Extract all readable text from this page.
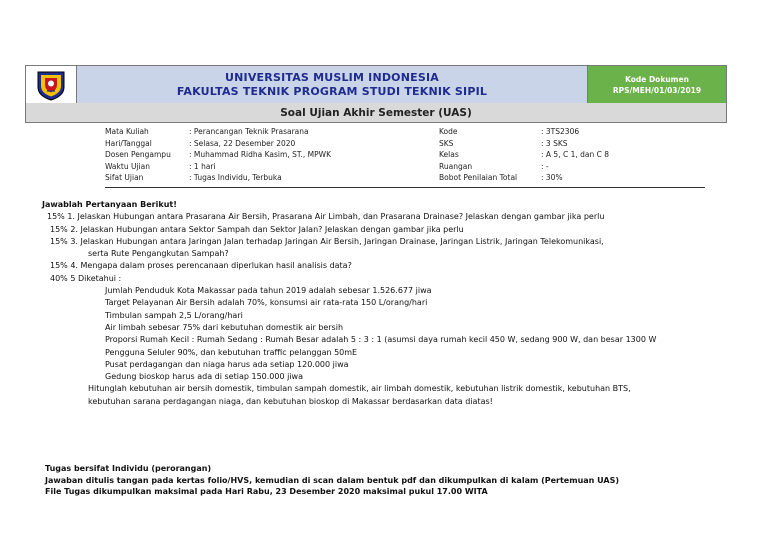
UNIVERSITAS MUSLIM INDONESIA
FAKULTAS TEKNIK PROGRAM STUDI TEKNIK SIPIL
Kode Dokumen
RPS/MEH/01/03/2019
Soal Ujian Akhir Semester (UAS)
Mata Kuliah	: Perancangan Teknik Prasarana	Kode	: 3TS2306
Hari/Tanggal	: Selasa, 22 Desember 2020	SKS	: 3 SKS
Dosen Pengampu	: Muhammad Ridha Kasim, ST., MPWK	Kelas	: A 5, C 1, dan C 8
Waktu Ujian	: 1 hari	Ruangan	: -
Sifat Ujian	: Tugas Individu, Terbuka	Bobot Penilaian Total	: 30%
Jawablah Pertanyaan Berikut!
15% 1. Jelaskan Hubungan antara Prasarana Air Bersih, Prasarana Air Limbah, dan Prasarana Drainase? Jelaskan dengan gambar jika perlu
15% 2. Jelaskan Hubungan antara Sektor Sampah dan Sektor Jalan? Jelaskan dengan gambar jika perlu
15% 3. Jelaskan Hubungan antara Jaringan Jalan terhadap Jaringan Air Bersih, Jaringan Drainase, Jaringan Listrik, Jaringan Telekomunikasi,
serta Rute Pengangkutan Sampah?
15% 4. Mengapa dalam proses perencanaan diperlukan hasil analisis data?
40% 5 Diketahui :
Jumlah Penduduk Kota Makassar pada tahun 2019 adalah sebesar 1.526.677 jiwa
Target Pelayanan Air Bersih adalah 70%, konsumsi air rata-rata 150 L/orang/hari
Timbulan sampah 2,5 L/orang/hari
Air limbah sebesar 75% dari kebutuhan domestik air bersih
Proporsi Rumah Kecil : Rumah Sedang : Rumah Besar adalah 5 : 3 : 1 (asumsi daya rumah kecil 450 W, sedang 900 W, dan besar 1300 W
Pengguna Seluler 90%, dan kebutuhan traffic pelanggan 50mE
Pusat perdagangan dan niaga harus ada setiap 120.000 jiwa
Gedung bioskop harus ada di setiap 150.000 jiwa
Hitunglah kebutuhan air bersih domestik, timbulan sampah domestik, air limbah domestik, kebutuhan listrik domestik, kebutuhan BTS,
kebutuhan sarana perdagangan niaga, dan kebutuhan bioskop di Makassar berdasarkan data diatas!
Tugas bersifat Individu (perorangan)
Jawaban ditulis tangan pada kertas folio/HVS, kemudian di scan dalam bentuk pdf dan dikumpulkan di kalam (Pertemuan UAS)
File Tugas dikumpulkan maksimal pada Hari Rabu, 23 Desember 2020 maksimal pukul 17.00 WITA
